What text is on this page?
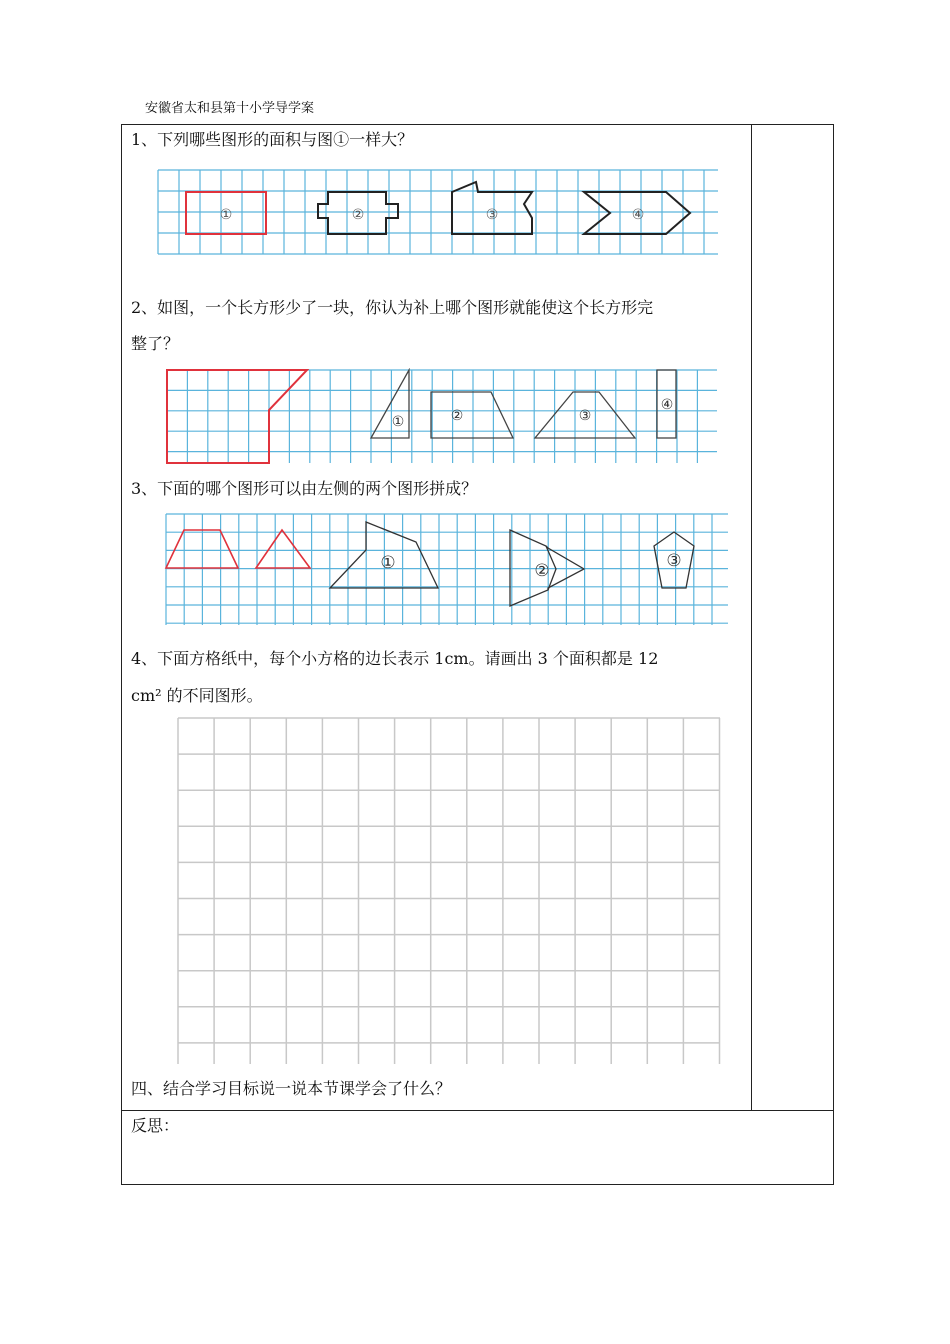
安徽省太和县第十小学导学案
1、下列哪些图形的面积与图①一样大？
①	②	③	④
2、如图，一个长方形少了一块，你认为补上哪个图形就能使这个长方形完
整了？
①	②	③
④
3、下面的哪个图形可以由左侧的两个图形拼成？
①	②	③
4、下面方格纸中，每个小方格的边长表示 1cm。请画出 3 个面积都是 12
cm² 的不同图形。
四、结合学习目标说一说本节课学会了什么？
反思：
